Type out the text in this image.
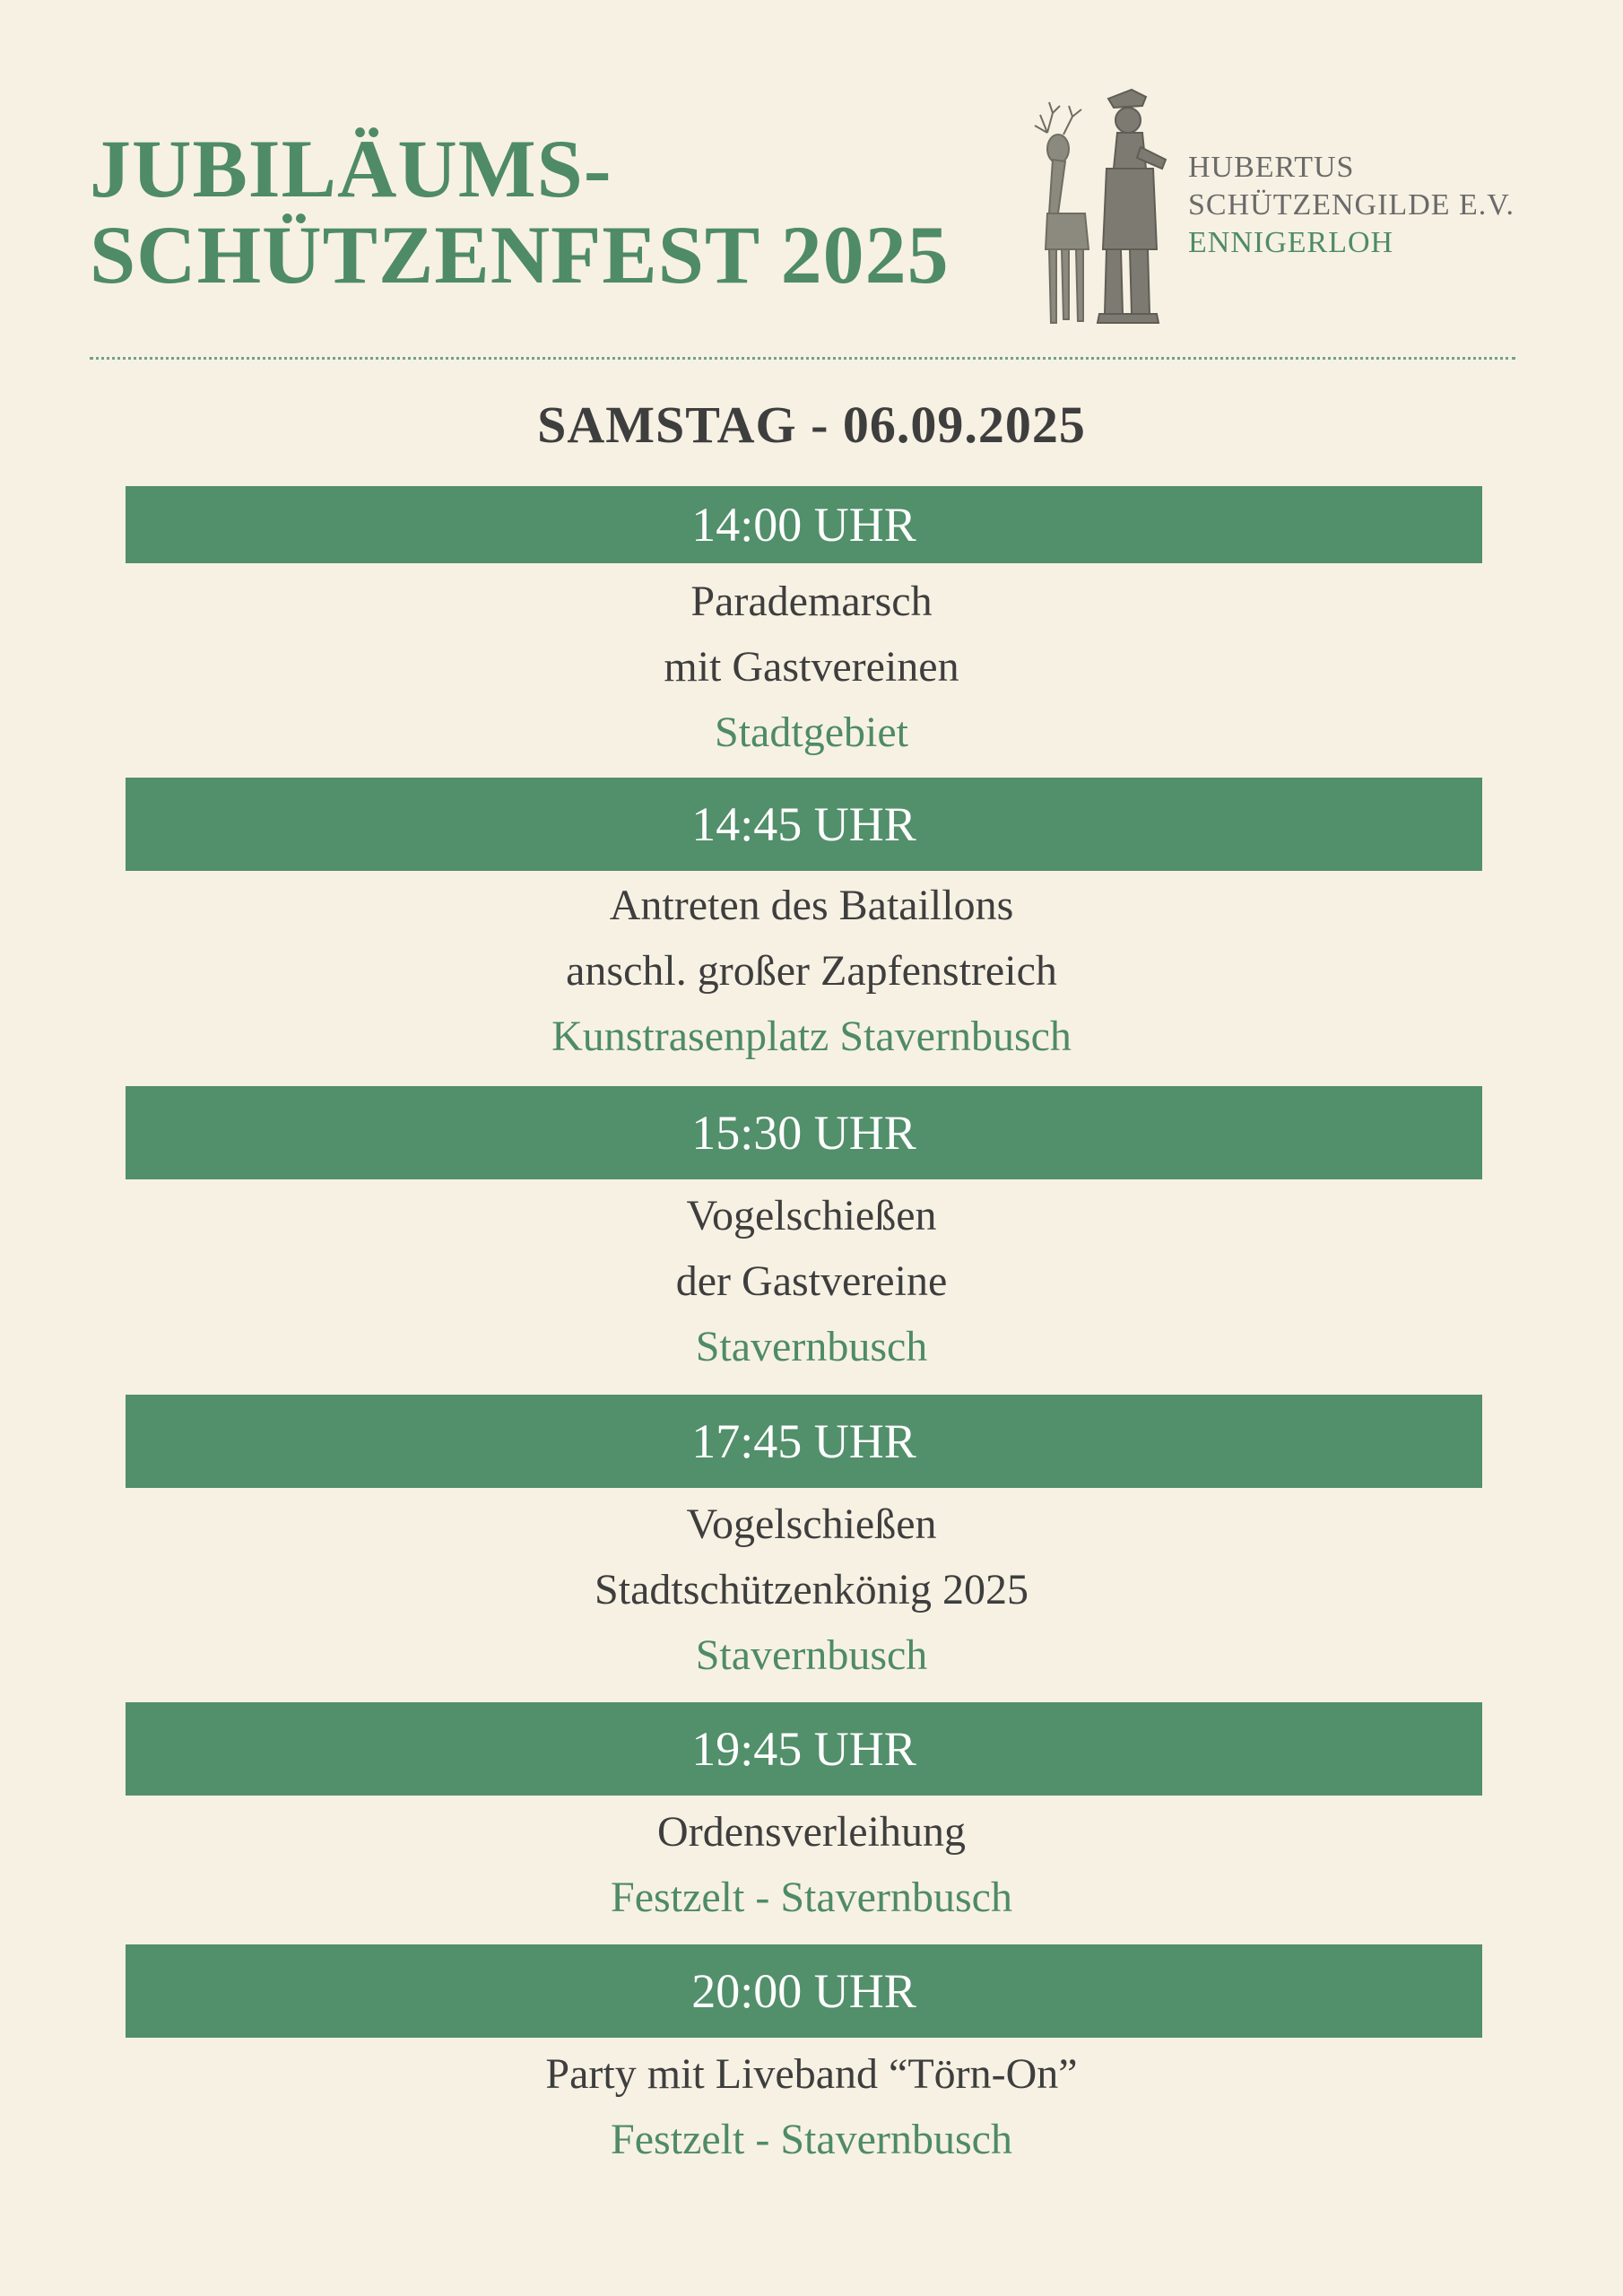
JUBILÄUMS-
SCHÜTZENFEST 2025
HUBERTUS
SCHÜTZENGILDE E.V.
ENNIGERLOH
SAMSTAG - 06.09.2025
14:00 UHR
Parademarsch
mit Gastvereinen
Stadtgebiet
14:45 UHR
Antreten des Bataillons
anschl. großer Zapfenstreich
Kunstrasenplatz Stavernbusch
15:30 UHR
Vogelschießen
der Gastvereine
Stavernbusch
17:45 UHR
Vogelschießen
Stadtschützenkönig 2025
Stavernbusch
19:45 UHR
Ordensverleihung
Festzelt - Stavernbusch
20:00 UHR
Party mit Liveband “Törn-On”
Festzelt - Stavernbusch
